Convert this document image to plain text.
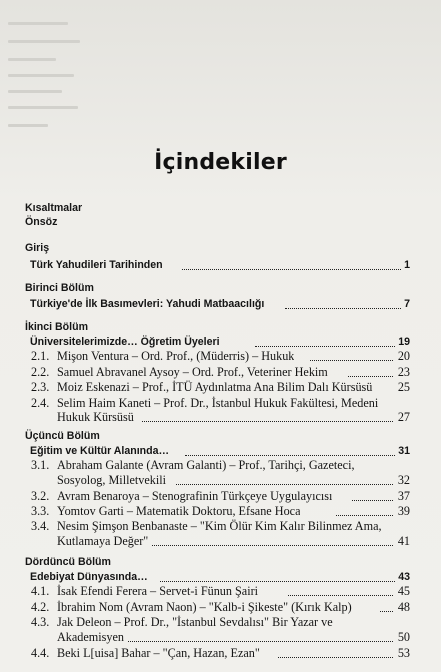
İçindekiler
Kısaltmalar
Önsöz
Giriş
Türk Yahudileri Tarihinden	1
Birinci Bölüm
Türkiye'de İlk Basımevleri: Yahudi Matbaacılığı	7
İkinci Bölüm
Üniversitelerimizde… Öğretim Üyeleri	19
2.1. Mişon Ventura – Ord. Prof., (Müderris) – Hukuk	20
2.2. Samuel Abravanel Aysoy – Ord. Prof., Veteriner Hekim	23
2.3. Moiz Eskenazi – Prof., İTÜ Aydınlatma Ana Bilim Dalı Kürsüsü	25
2.4. Selim Haim Kaneti – Prof. Dr., İstanbul Hukuk Fakültesi, Medeni
Hukuk Kürsüsü	27
Üçüncü Bölüm
Eğitim ve Kültür Alanında…	31
3.1. Abraham Galante (Avram Galanti) – Prof., Tarihçi, Gazeteci,
Sosyolog, Milletvekili	32
3.2. Avram Benaroya – Stenografinin Türkçeye Uygulayıcısı	37
3.3. Yomtov Garti – Matematik Doktoru, Efsane Hoca	39
3.4. Nesim Şimşon Benbanaste – "Kim Ölür Kim Kalır Bilinmez Ama,
Kutlamaya Değer"	41
Dördüncü Bölüm
Edebiyat Dünyasında…	43
4.1. İsak Efendi Ferera – Servet-i Fünun Şairi	45
4.2. İbrahim Nom (Avram Naon) – "Kalb-i Şikeste" (Kırık Kalp)	48
4.3. Jak Deleon – Prof. Dr., "İstanbul Sevdalısı" Bir Yazar ve
Akademisyen	50
4.4. Beki L[uisa] Bahar – "Çan, Hazan, Ezan"	53
